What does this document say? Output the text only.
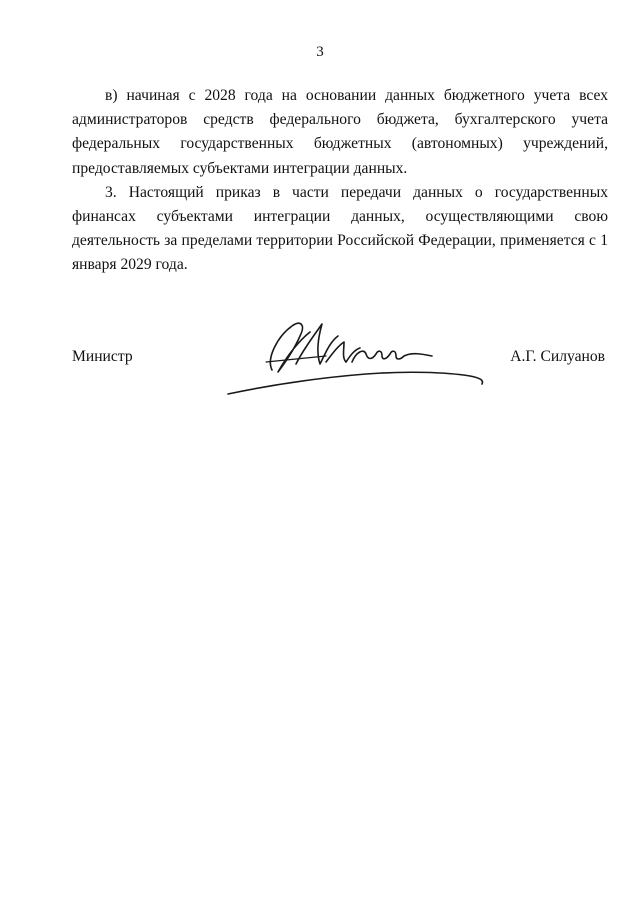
3

в) начиная с 2028 года на основании данных бюджетного учета всех администраторов средств федерального бюджета, бухгалтерского учета федеральных государственных бюджетных (автономных) учреждений, предоставляемых субъектами интеграции данных.

3. Настоящий приказ в части передачи данных о государственных финансах субъектами интеграции данных, осуществляющими свою деятельность за пределами территории Российской Федерации, применяется с 1 января 2029 года.

Министр	А.Г. Силуанов
